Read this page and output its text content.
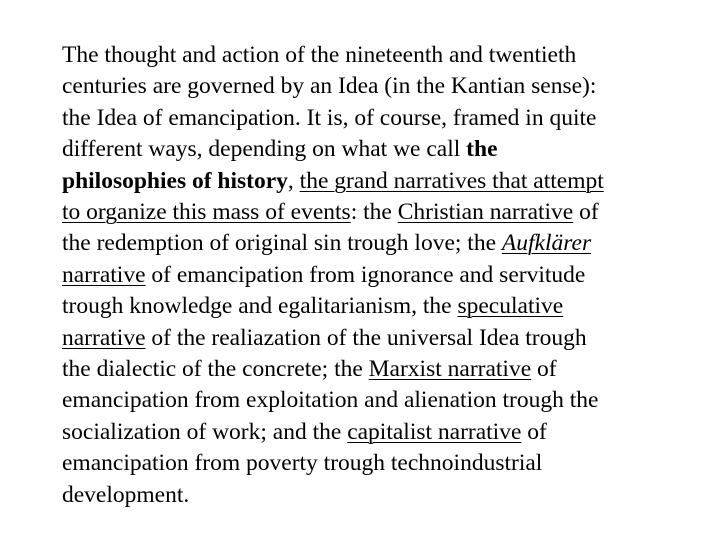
The thought and action of the nineteenth and twentieth
centuries are governed by an Idea (in the Kantian sense):
the Idea of emancipation. It is, of course, framed in quite
different ways, depending on what we call the
philosophies of history, the grand narratives that attempt
to organize this mass of events: the Christian narrative of
the redemption of original sin trough love; the Aufklärer
narrative of emancipation from ignorance and servitude
trough knowledge and egalitarianism, the speculative
narrative of the realiazation of the universal Idea trough
the dialectic of the concrete; the Marxist narrative of
emancipation from exploitation and alienation trough the
socialization of work; and the capitalist narrative of
emancipation from poverty trough technoindustrial
development.
